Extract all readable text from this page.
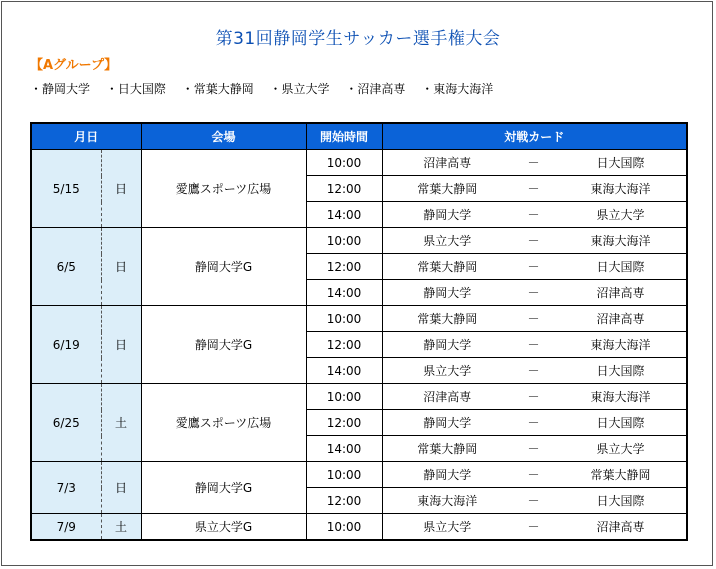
第31回静岡学生サッカー選手権大会
【Aグループ】
・静岡大学 ・日大国際 ・常葉大静岡 ・県立大学 ・沼津高専 ・東海大海洋
月日		会場	開始時間	対戦カード		
5/15	日	愛鷹スポーツ広場	10:00	沼津高専	－	日大国際
			12:00	常葉大静岡	－	東海大海洋
			14:00	静岡大学	－	県立大学
6/5	日	静岡大学G	10:00	県立大学	－	東海大海洋
			12:00	常葉大静岡	－	日大国際
			14:00	静岡大学	－	沼津高専
6/19	日	静岡大学G	10:00	常葉大静岡	－	沼津高専
			12:00	静岡大学	－	東海大海洋
			14:00	県立大学	－	日大国際
6/25	土	愛鷹スポーツ広場	10:00	沼津高専	－	東海大海洋
			12:00	静岡大学	－	日大国際
			14:00	常葉大静岡	－	県立大学
7/3	日	静岡大学G	10:00	静岡大学	－	常葉大静岡
			12:00	東海大海洋	－	日大国際
7/9	土	県立大学G	10:00	県立大学	－	沼津高専
